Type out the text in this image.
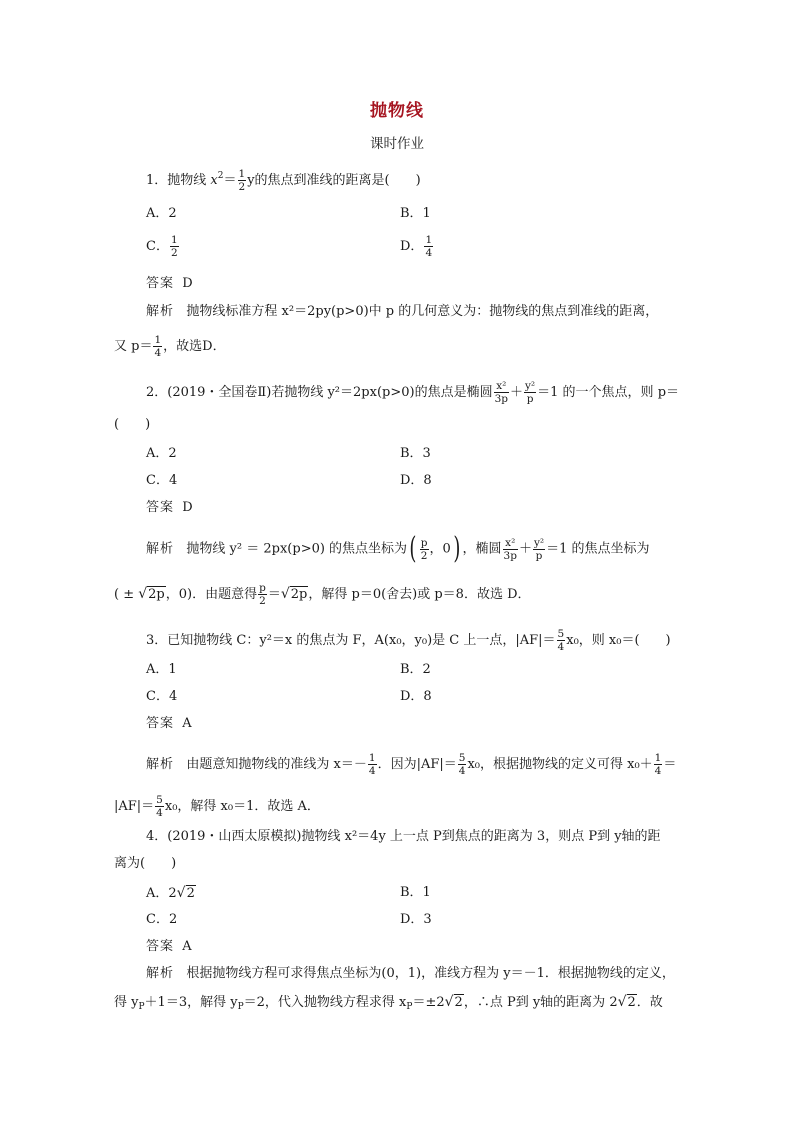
抛物线
课时作业
1．抛物线 $x^2= \frac{1}{2}$ y的焦点到准线的距离是(　　)
A．2	B．1
C． $\frac{1}{2}$	D． $\frac{1}{4}$
答案 D
解析 抛物线标准方程 x²＝2py(p>0)中 p 的几何意义为：抛物线的焦点到准线的距离，
又 $p= \frac{1}{4}$ ，故选D．
2．(2019・全国卷Ⅱ)若抛物线 y²＝2px(p>0)的焦点是椭圆 $\frac{\text{x²}}{3p} + \frac{\text{y²}}{p} =1$ 的一个焦点，则 p＝
(　　)
A．2	B．3
C．4	D．8
答案 D
解析 抛物线 y² ＝ 2px(p>0) 的焦点坐标为( $\frac{p}{2}$ ，0) ，椭圆 $\frac{\text{x²}}{3p} + \frac{\text{y²}}{p} =1$ 的焦点坐标为
( ± √2p，0)．由题意得 $\frac{p}{2} =√2p$，解得 p＝0(舍去)或 p＝8．故选 D．
3．已知抛物线 C：y²＝x 的焦点为 F，A(x₀，y₀)是 C 上一点，$|AF|= \frac{5}{4} x_0$，则 x₀＝(　　)
A．1	B．2
C．4	D．8
答案 A
解析 由题意知抛物线的准线为 $x=- \frac{1}{4}$ ．因为$|AF|= \frac{5}{4} x_0$，根据抛物线的定义可得 $x_0+ \frac{1}{4}$ ＝
$|AF|= \frac{5}{4} x_0$，解得 x₀＝1．故选 A．
4．(2019・山西太原模拟)抛物线 x²＝4y 上一点 P到焦点的距离为 3，则点 P到 y轴的距
离为(　　)
A．2√2	B．1
C．2	D．3
答案 A
解析 根据抛物线方程可求得焦点坐标为(0，1)，准线方程为 y＝－1．根据抛物线的定义，
得 $y_P+1=3$，解得 $y_P=2$，代入抛物线方程求得 $x_P=\pm 2√2$，∴点 P到 y轴的距离为 2√2．故
